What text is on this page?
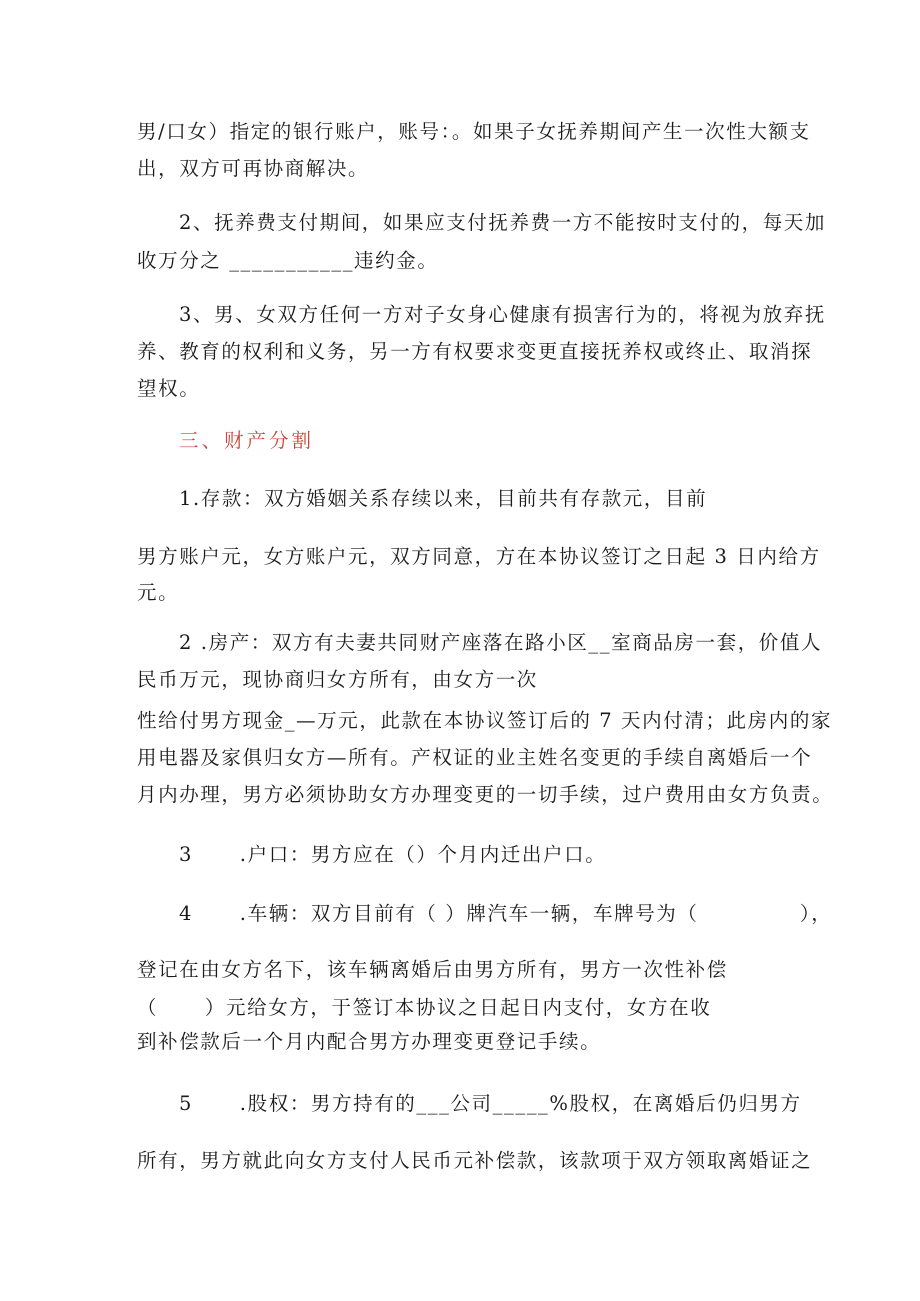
男/口女）指定的银行账户，账号：。如果子女抚养期间产生一次性大额支
出，双方可再协商解决。
2、抚养费支付期间，如果应支付抚养费一方不能按时支付的，每天加
收万分之 ___________违约金。
3、男、女双方任何一方对子女身心健康有损害行为的，将视为放弃抚
养、教育的权利和义务，另一方有权要求变更直接抚养权或终止、取消探
望权。
三、财产分割
1.存款：双方婚姻关系存续以来，目前共有存款元，目前
男方账户元，女方账户元，双方同意，方在本协议签订之日起 3 日内给方
元。
2 .房产：双方有夫妻共同财产座落在路小区__室商品房一套，价值人
民币万元，现协商归女方所有，由女方一次
性给付男方现金_—万元，此款在本协议签订后的 7 天内付清；此房内的家
用电器及家俱归女方—所有。产权证的业主姓名变更的手续自离婚后一个
月内办理，男方必须协助女方办理变更的一切手续，过户费用由女方负责。
3      .户口：男方应在（）个月内迁出户口。
4      .车辆：双方目前有（ ）牌汽车一辆，车牌号为（             ），
登记在由女方名下，该车辆离婚后由男方所有，男方一次性补偿
（      ）元给女方，于签订本协议之日起日内支付，女方在收
到补偿款后一个月内配合男方办理变更登记手续。
5      .股权：男方持有的___公司_____%股权，在离婚后仍归男方
所有，男方就此向女方支付人民币元补偿款，该款项于双方领取离婚证之
